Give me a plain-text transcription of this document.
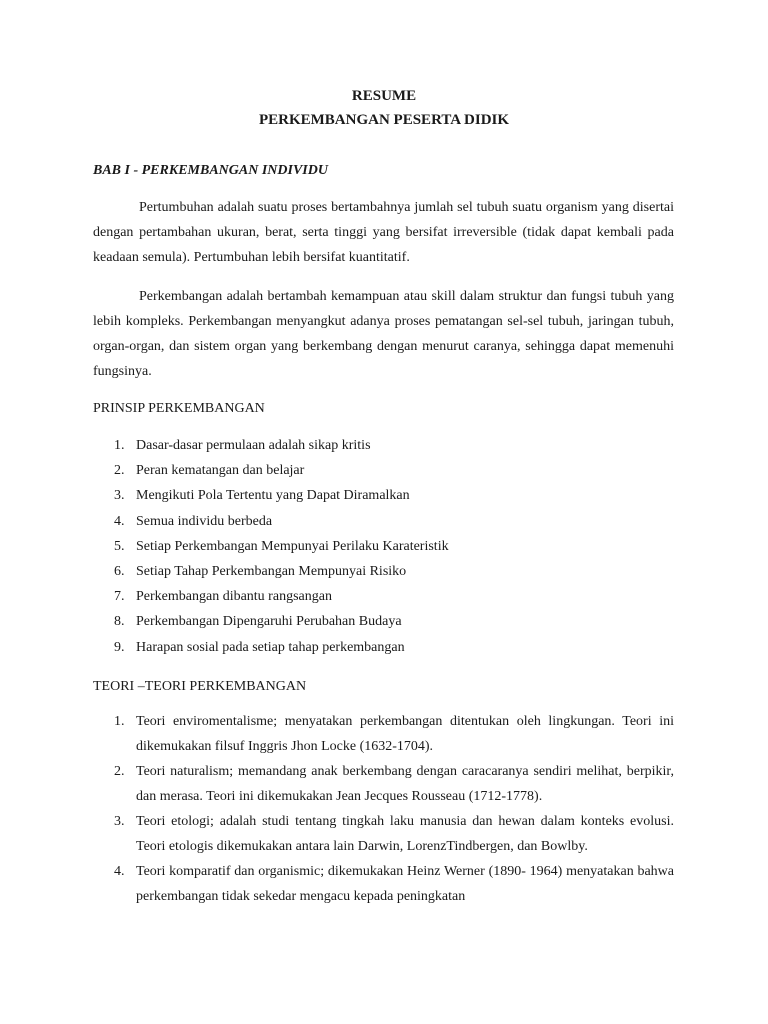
RESUME

PERKEMBANGAN PESERTA DIDIK

BAB I - PERKEMBANGAN INDIVIDU

Pertumbuhan adalah suatu proses bertambahnya jumlah sel tubuh suatu organism yang disertai dengan pertambahan ukuran, berat, serta tinggi yang bersifat irreversible (tidak dapat kembali pada keadaan semula). Pertumbuhan lebih bersifat kuantitatif.

Perkembangan adalah bertambah kemampuan atau skill dalam struktur dan fungsi tubuh yang lebih kompleks. Perkembangan menyangkut adanya proses pematangan sel-sel tubuh, jaringan tubuh, organ-organ, dan sistem organ yang berkembang dengan menurut caranya, sehingga dapat memenuhi fungsinya.

PRINSIP PERKEMBANGAN

1. Dasar-dasar permulaan adalah sikap kritis
2. Peran kematangan dan belajar
3. Mengikuti Pola Tertentu yang Dapat Diramalkan
4. Semua individu berbeda
5. Setiap Perkembangan Mempunyai Perilaku Karateristik
6. Setiap Tahap Perkembangan Mempunyai Risiko
7. Perkembangan dibantu rangsangan
8. Perkembangan Dipengaruhi Perubahan Budaya
9. Harapan sosial pada setiap tahap perkembangan

TEORI –TEORI PERKEMBANGAN

1. Teori enviromentalisme; menyatakan perkembangan ditentukan oleh lingkungan. Teori ini dikemukakan filsuf Inggris Jhon Locke (1632-1704).
2. Teori naturalism; memandang anak berkembang dengan caracaranya sendiri melihat, berpikir, dan merasa. Teori ini dikemukakan Jean Jecques Rousseau (1712-1778).
3. Teori etologi; adalah studi tentang tingkah laku manusia dan hewan dalam konteks evolusi. Teori etologis dikemukakan antara lain Darwin, LorenzTindbergen, dan Bowlby.
4. Teori komparatif dan organismic; dikemukakan Heinz Werner (1890- 1964) menyatakan bahwa perkembangan tidak sekedar mengacu kepada peningkatan
